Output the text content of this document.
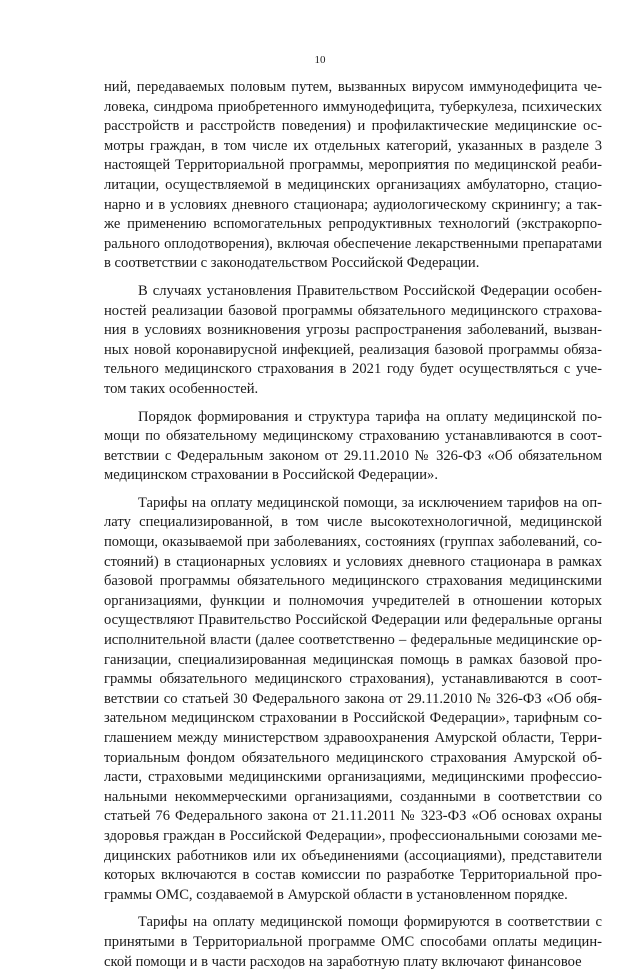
10
ний, передаваемых половым путем, вызванных вирусом иммунодефицита че-
ловека, синдрома приобретенного иммунодефицита, туберкулеза, психических
расстройств и расстройств поведения) и профилактические медицинские ос-
мотры граждан, в том числе их отдельных категорий, указанных в разделе 3
настоящей Территориальной программы, мероприятия по медицинской реаби-
литации, осуществляемой в медицинских организациях амбулаторно, стацио-
нарно и в условиях дневного стационара; аудиологическому скринингу; а так-
же применению вспомогательных репродуктивных технологий (экстракорпо-
рального оплодотворения), включая обеспечение лекарственными препаратами
в соответствии с законодательством Российской Федерации.
В случаях установления Правительством Российской Федерации особен-
ностей реализации базовой программы обязательного медицинского страхова-
ния в условиях возникновения угрозы распространения заболеваний, вызван-
ных новой коронавирусной инфекцией, реализация базовой программы обяза-
тельного медицинского страхования в 2021 году будет осуществляться с уче-
том таких особенностей.
Порядок формирования и структура тарифа на оплату медицинской по-
мощи по обязательному медицинскому страхованию устанавливаются в соот-
ветствии с Федеральным законом от 29.11.2010 № 326-ФЗ «Об обязательном
медицинском страховании в Российской Федерации».
Тарифы на оплату медицинской помощи, за исключением тарифов на оп-
лату специализированной, в том числе высокотехнологичной, медицинской
помощи, оказываемой при заболеваниях, состояниях (группах заболеваний, со-
стояний) в стационарных условиях и условиях дневного стационара в рамках
базовой программы обязательного медицинского страхования медицинскими
организациями, функции и полномочия учредителей в отношении которых
осуществляют Правительство Российской Федерации или федеральные органы
исполнительной власти (далее соответственно – федеральные медицинские ор-
ганизации, специализированная медицинская помощь в рамках базовой про-
граммы обязательного медицинского страхования), устанавливаются в соот-
ветствии со статьей 30 Федерального закона от 29.11.2010 № 326-ФЗ «Об обя-
зательном медицинском страховании в Российской Федерации», тарифным со-
глашением между министерством здравоохранения Амурской области, Терри-
ториальным фондом обязательного медицинского страхования Амурской об-
ласти, страховыми медицинскими организациями, медицинскими профессио-
нальными некоммерческими организациями, созданными в соответствии со
статьей 76 Федерального закона от 21.11.2011 № 323-ФЗ «Об основах охраны
здоровья граждан в Российской Федерации», профессиональными союзами ме-
дицинских работников или их объединениями (ассоциациями), представители
которых включаются в состав комиссии по разработке Территориальной про-
граммы ОМС, создаваемой в Амурской области в установленном порядке.
Тарифы на оплату медицинской помощи формируются в соответствии с
принятыми в Территориальной программе ОМС способами оплаты медицин-
ской помощи и в части расходов на заработную плату включают финансовое
